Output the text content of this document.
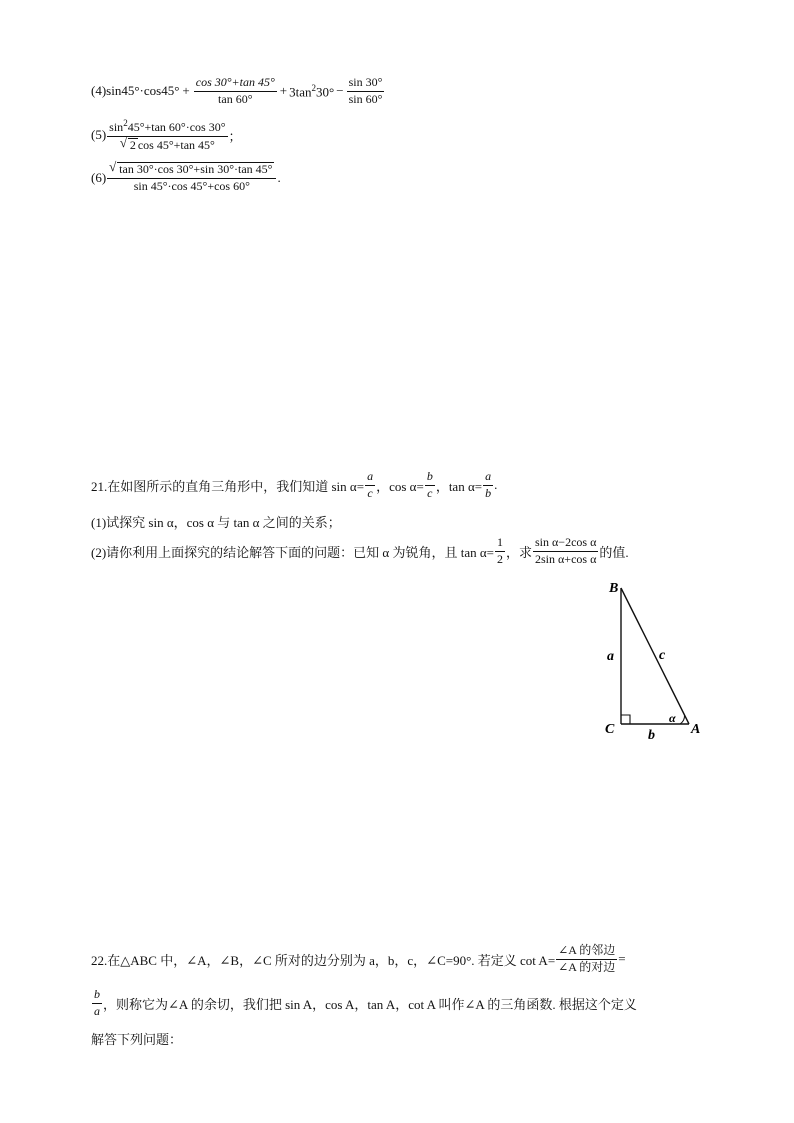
(4) $\sin 45^\circ\cdot\cos 45^\circ + \frac{\cos 30^\circ+\tan 45^\circ}{\tan 60^\circ} + 3\tan^230^\circ - \frac{\sin 30^\circ}{\sin 60^\circ}$
$(5) \frac{\sin^245^\circ+\tan 60^\circ\cdot\cos 30^\circ}{√ 2 \cos 45^\circ+\tan 45^\circ}$ ；
$(6) \frac{√ \tan 30^\circ\cdot\cos 30^\circ+\sin 30^\circ\cdot\tan 45^\circ}{\sin 45^\circ\cdot\cos 45^\circ+\cos 60^\circ}$ .
21.在如图所示的直角三角形中，我们知道 $\sin \alpha= \frac{a}{c}$ ，$\cos \alpha= \frac{b}{c}$ ，$\tan \alpha= \frac{a}{b}$ .
(1)试探究 sin α，cos α 与 tan α 之间的关系；
(2)请你利用上面探究的结论解答下面的问题：已知 α 为锐角，且 $\tan \alpha= \frac{1}{2}$ ，求 $\frac{\text{sin α−2cos α}}{\text{2sin α+cos α}}$ 的值.
B
C	A
a	c
b
α
22.在△ABC 中，∠A，∠B，∠C 所对的边分别为 a，b，c，∠C=90°. 若定义 $\cot A= \frac{\text{∠A 的邻边}}{\text{∠A 的对边}}$ =
$\frac{b}{a}$ ，则称它为∠A 的余切，我们把 sin A，cos A，tan A，cot A 叫作∠A 的三角函数. 根据这个定义
解答下列问题：
